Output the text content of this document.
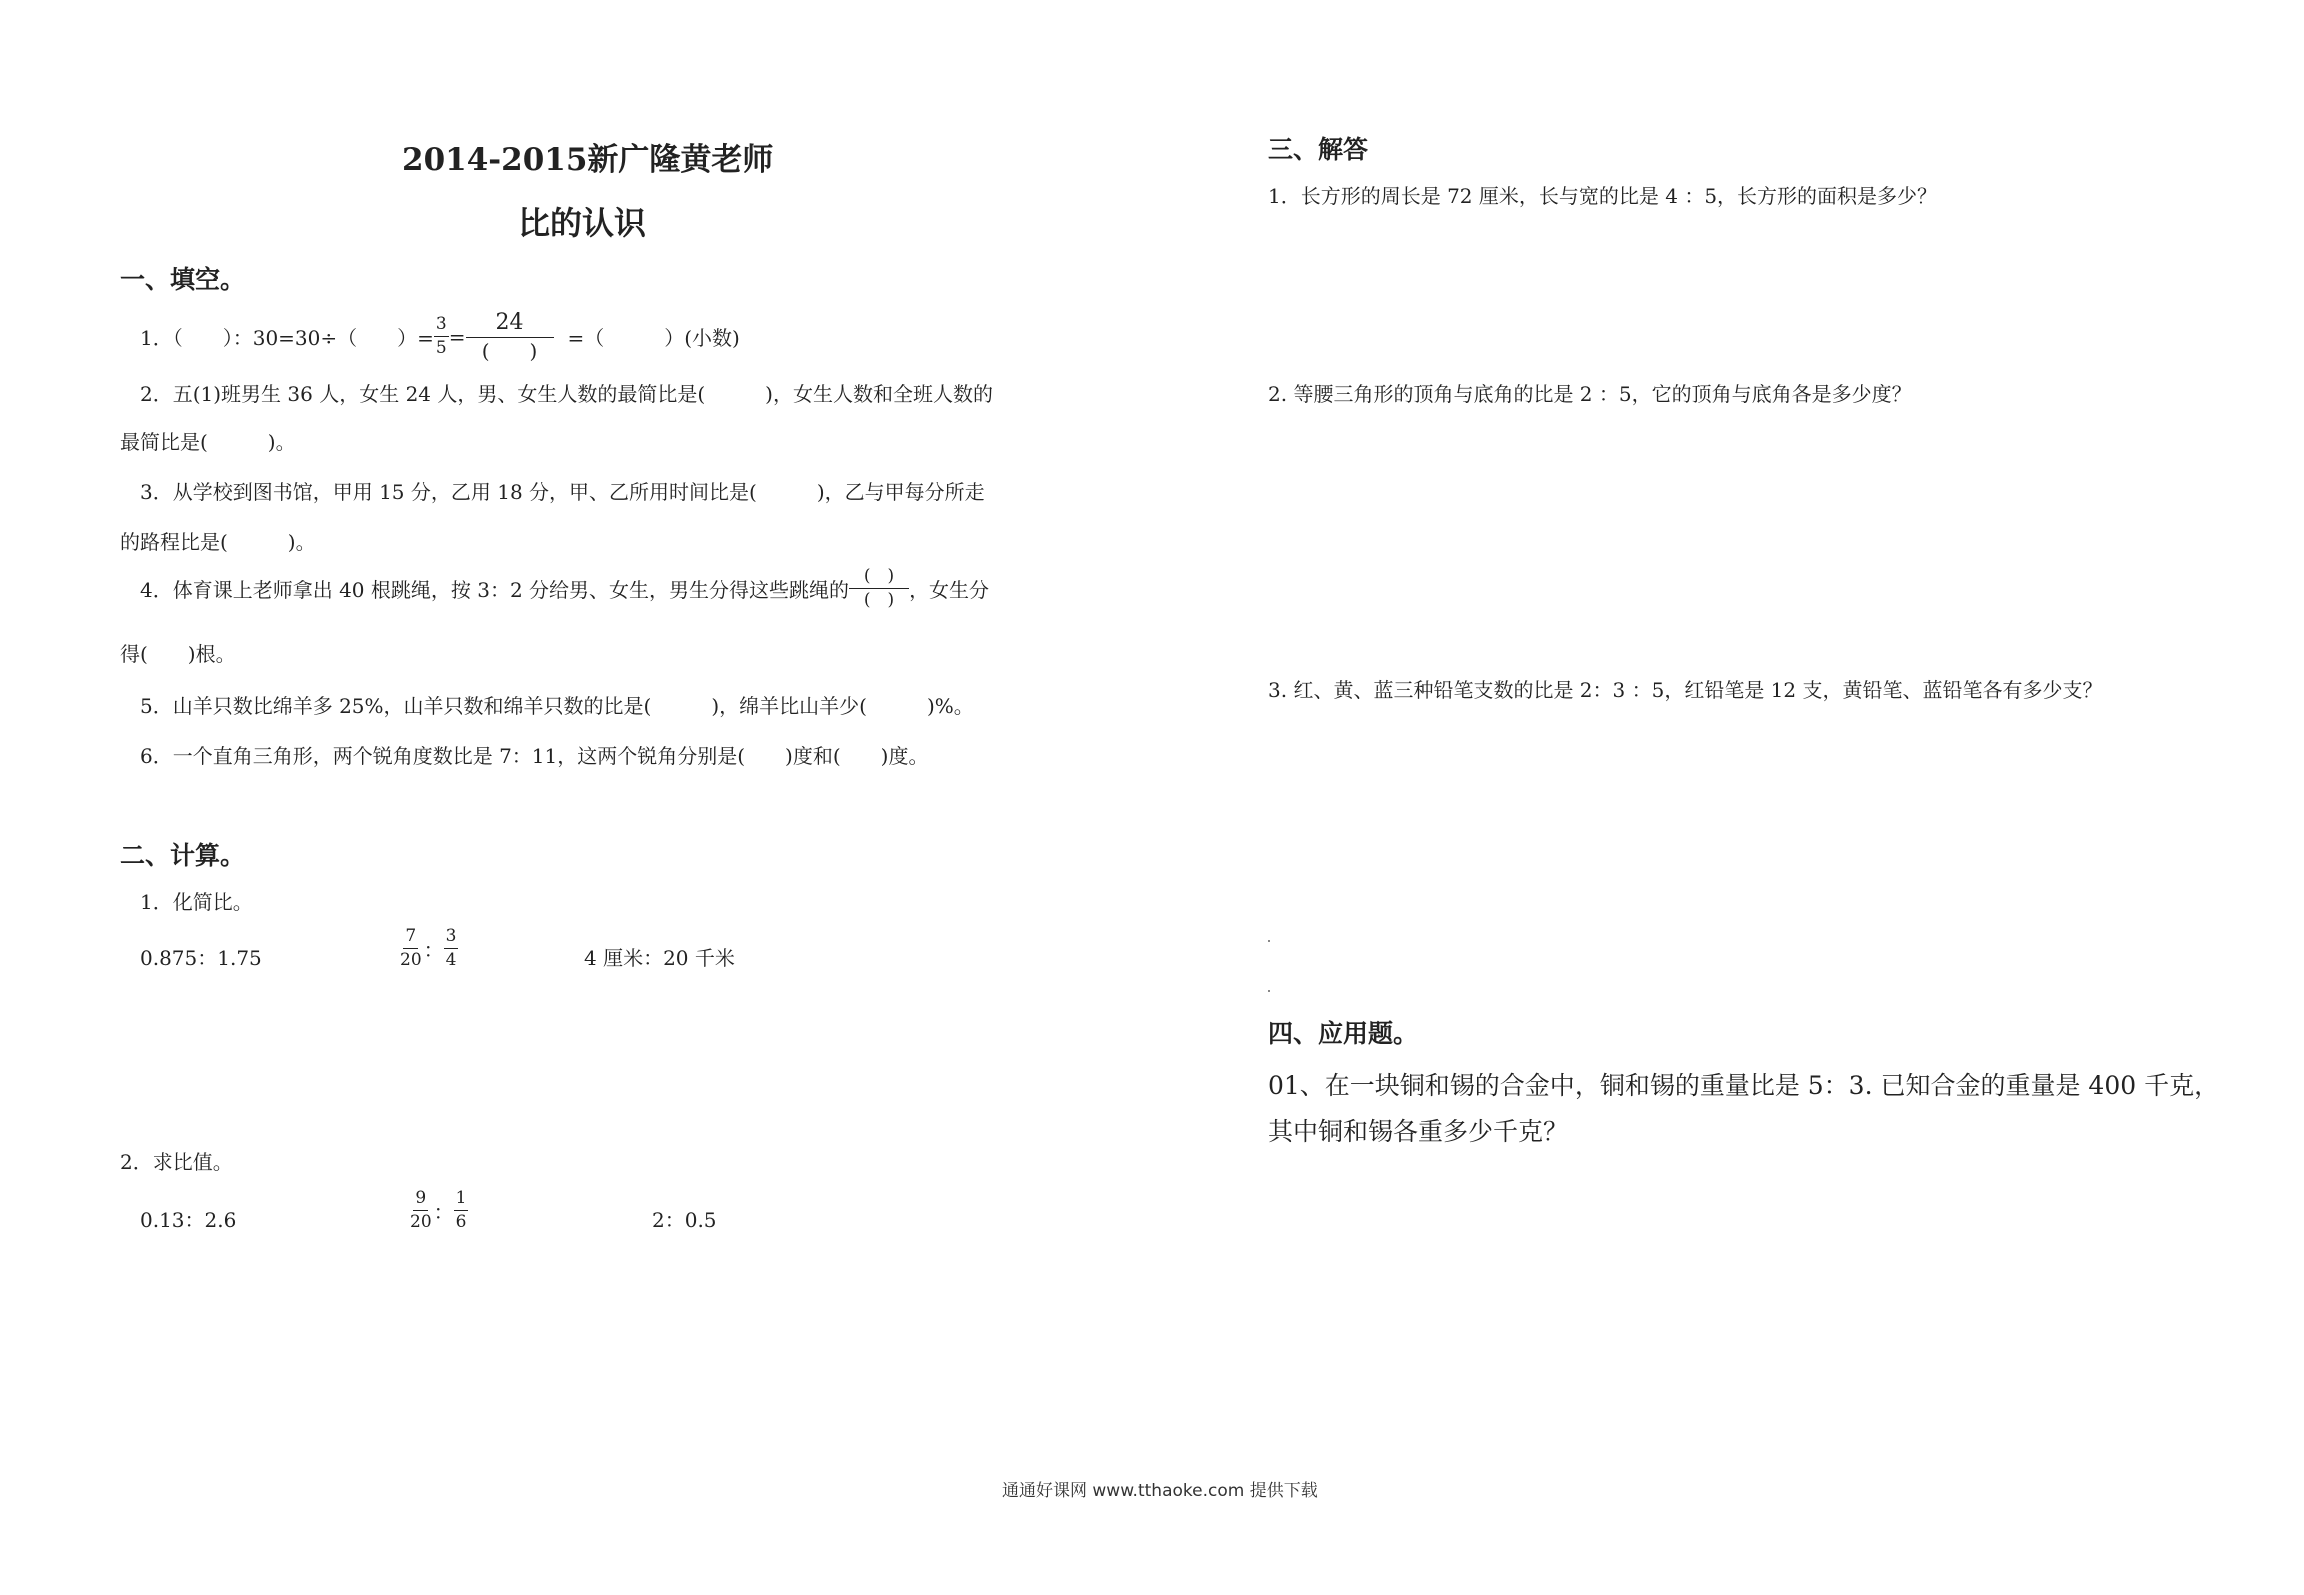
2014-2015新广隆黄老师
比的认识
一、填空。
1．（　　）：30=30÷（　　）= $\frac{3}{5} = \frac{24}{( )}$ =（　　　）(小数)
2．五(1)班男生 36 人，女生 24 人，男、女生人数的最简比是(　　　)，女生人数和全班人数的
最简比是(　　　)。
3．从学校到图书馆，甲用 15 分，乙用 18 分，甲、乙所用时间比是(　　　)，乙与甲每分所走
的路程比是(　　　)。
4．体育课上老师拿出 40 根跳绳，按 3：2 分给男、女生，男生分得这些跳绳的 $\frac{( )}{( )}$ ，女生分
得(　　)根。
5．山羊只数比绵羊多 25%，山羊只数和绵羊只数的比是(　　　)，绵羊比山羊少(　　　)%。
6．一个直角三角形，两个锐角度数比是 7：11，这两个锐角分别是(　　)度和(　　)度。
二、计算。
1．化简比。
0.875：1.75	$\frac{7}{20}$ ： $\frac{3}{4}$	4 厘米：20 千米
2．求比值。
0.13：2.6	$\frac{9}{20}$ ： $\frac{1}{6}$	2：0.5
三、解答
1．长方形的周长是 72 厘米，长与宽的比是 4 ：5，长方形的面积是多少？
2. 等腰三角形的顶角与底角的比是 2 ：5，它的顶角与底角各是多少度？
3. 红、黄、蓝三种铅笔支数的比是 2：3 ：5，红铅笔是 12 支，黄铅笔、蓝铅笔各有多少支？
四、应用题。
01、在一块铜和锡的合金中，铜和锡的重量比是 5：3. 已知合金的重量是 400 千克，
其中铜和锡各重多少千克？
通通好课网 www.tthaoke.com 提供下载
